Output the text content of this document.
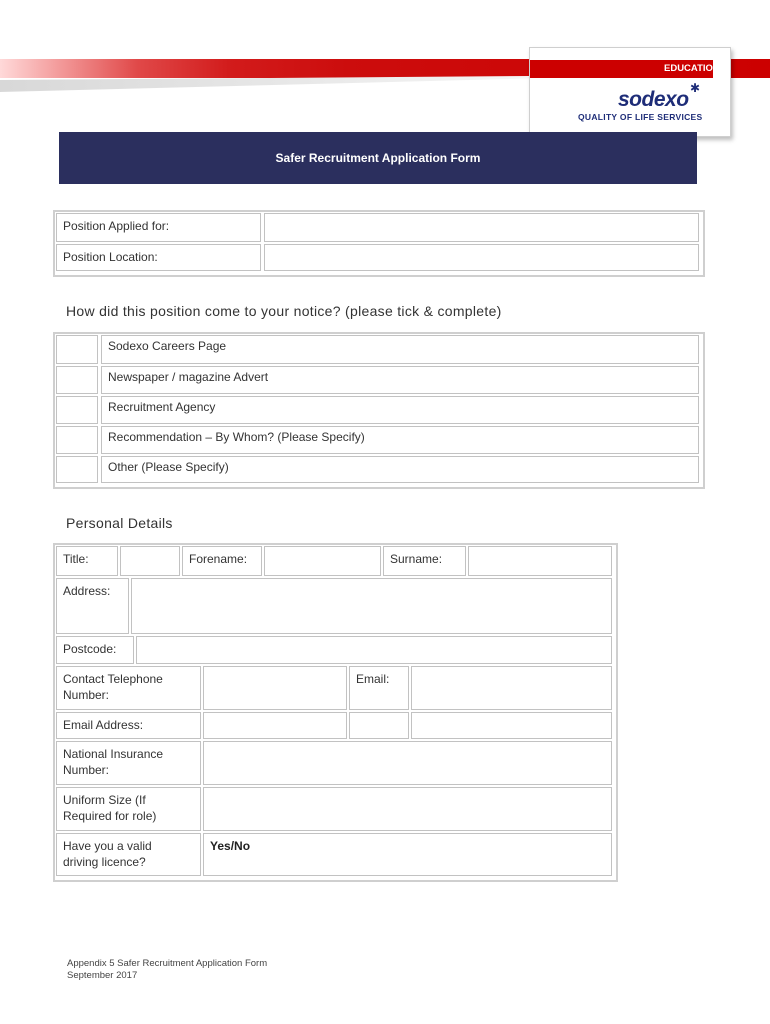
EDUCATIO
sodexo ✱
QUALITY OF LIFE SERVICES
Safer Recruitment Application Form
Position Applied for:
Position Location:
How did this position come to your notice? (please tick & complete)
Sodexo Careers Page
Newspaper / magazine Advert
Recruitment Agency
Recommendation – By Whom? (Please Specify)
Other (Please Specify)
Personal Details
Title:	Forename:	Surname:
Address:
Postcode:
Contact Telephone Number:
Email:
Email Address:
National Insurance Number:
Uniform Size (If Required for role)
Have you a valid driving licence?
Yes/No
Appendix 5 Safer Recruitment Application Form
September 2017
